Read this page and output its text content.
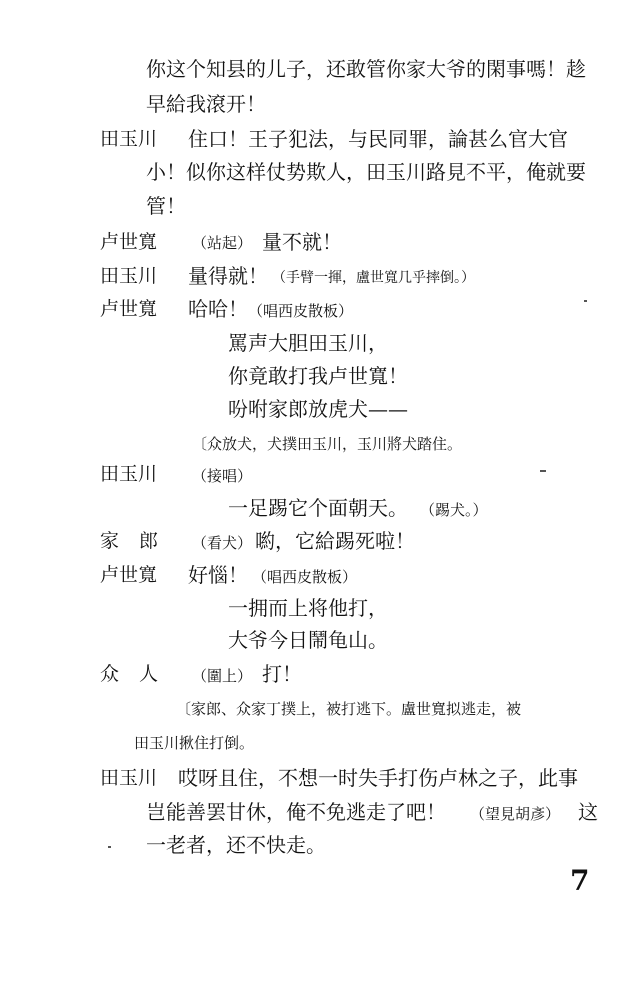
你这个知县的儿子，还敢管你家大爷的閑事嗎！趁
早給我滾开！
田玉川 住口！王子犯法，与民同罪，論甚么官大官
小！似你这样仗势欺人，田玉川路見不平，俺就要
管！
卢世寬 （站起） 量不就！
田玉川 量得就！ （手臂一揮，盧世寬几乎摔倒。）
卢世寬 哈哈！ （唱西皮散板）
罵声大胆田玉川，
你竟敢打我卢世寬！
吩咐家郎放虎犬——
〔众放犬，犬撲田玉川，玉川將犬踏住。
田玉川 （接唱）
一足踢它个面朝天。 （踢犬。）
家郎 （看犬） 喲，它給踢死啦！
卢世寬 好惱！ （唱西皮散板）
一拥而上将他打，
大爷今日鬧龟山。
众人 （圍上） 打！
〔家郎、众家丁撲上，被打逃下。盧世寬拟逃走，被
田玉川揪住打倒。
田玉川 哎呀且住，不想一时失手打伤卢林之子，此事
岂能善罢甘休，俺不免逃走了吧！ （望見胡彥） 这
一老者，还不快走。
7
